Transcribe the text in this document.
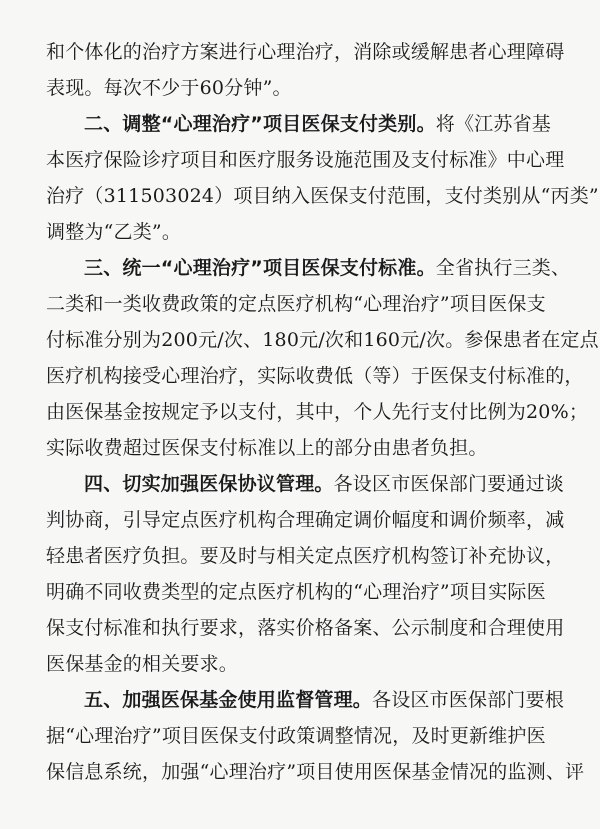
和个体化的治疗方案进行心理治疗，消除或缓解患者心理障碍
表现。每次不少于60分钟”。
二、调整“心理治疗”项目医保支付类别。将《江苏省基
本医疗保险诊疗项目和医疗服务设施范围及支付标准》中心理
治疗（311503024）项目纳入医保支付范围，支付类别从“丙类”
调整为“乙类”。
三、统一“心理治疗”项目医保支付标准。全省执行三类、
二类和一类收费政策的定点医疗机构“心理治疗”项目医保支
付标准分别为200元/次、180元/次和160元/次。参保患者在定点
医疗机构接受心理治疗，实际收费低（等）于医保支付标准的，
由医保基金按规定予以支付，其中，个人先行支付比例为20%；
实际收费超过医保支付标准以上的部分由患者负担。
四、切实加强医保协议管理。各设区市医保部门要通过谈
判协商，引导定点医疗机构合理确定调价幅度和调价频率，减
轻患者医疗负担。要及时与相关定点医疗机构签订补充协议，
明确不同收费类型的定点医疗机构的“心理治疗”项目实际医
保支付标准和执行要求，落实价格备案、公示制度和合理使用
医保基金的相关要求。
五、加强医保基金使用监督管理。各设区市医保部门要根
据“心理治疗”项目医保支付政策调整情况，及时更新维护医
保信息系统，加强“心理治疗”项目使用医保基金情况的监测、评
